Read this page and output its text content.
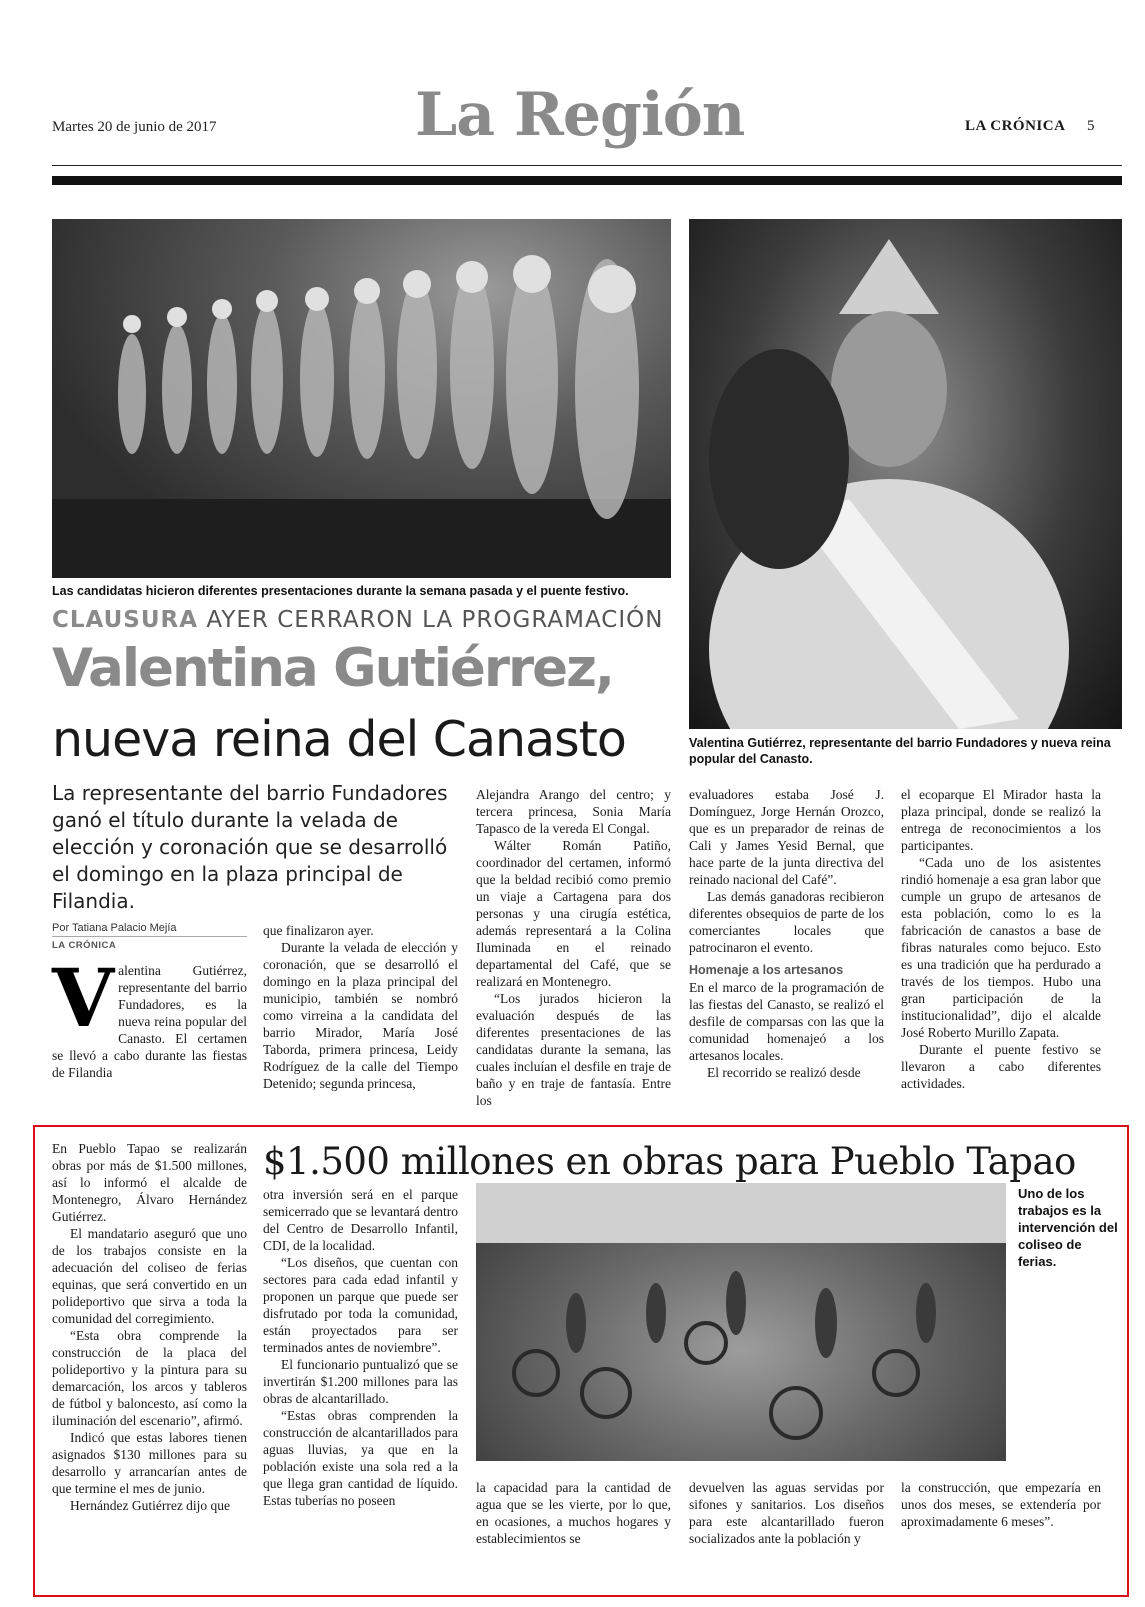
Martes 20 de junio de 2017	La Región	LA CRÓNICA 5
Las candidatas hicieron diferentes presentaciones durante la semana pasada y el puente festivo.
Valentina Gutiérrez, representante del barrio Fundadores y nueva reina popular del Canasto.
CLAUSURA AYER CERRARON LA PROGRAMACIÓN
Valentina Gutiérrez,
nueva reina del Canasto
La representante del barrio Fundadores ganó el título durante la velada de elección y coronación que se desarrolló el domingo en la plaza principal de Filandia.
Por Tatiana Palacio Mejía
LA CRÓNICA
V alentina Gutiérrez, representante del barrio Fundadores, es la nueva reina popular del Canasto. El certamen se llevó a cabo durante las fiestas de Filandia

que finalizaron ayer.

Durante la velada de elección y coronación, que se desarrolló el domingo en la plaza principal del municipio, también se nombró como virreina a la candidata del barrio Mirador, María José Taborda, primera princesa, Leidy Rodríguez de la calle del Tiempo Detenido; segunda princesa,

Alejandra Arango del centro; y tercera princesa, Sonia María Tapasco de la vereda El Congal.

Wálter Román Patiño, coordinador del certamen, informó que la beldad recibió como premio un viaje a Cartagena para dos personas y una cirugía estética, además representará a la Colina Iluminada en el reinado departamental del Café, que se realizará en Montenegro.

“Los jurados hicieron la evaluación después de las diferentes presentaciones de las candidatas durante la semana, las cuales incluían el desfile en traje de baño y en traje de fantasía. Entre los

evaluadores estaba José J. Domínguez, Jorge Hernán Orozco, que es un preparador de reinas de Cali y James Yesid Bernal, que hace parte de la junta directiva del reinado nacional del Café”.

Las demás ganadoras recibieron diferentes obsequios de parte de los comerciantes locales que patrocinaron el evento.

Homenaje a los artesanos

En el marco de la programación de las fiestas del Canasto, se realizó el desfile de comparsas con las que la comunidad homenajeó a los artesanos locales.

El recorrido se realizó desde

el ecoparque El Mirador hasta la plaza principal, donde se realizó la entrega de reconocimientos a los participantes.

“Cada uno de los asistentes rindió homenaje a esa gran labor que cumple un grupo de artesanos de esta población, como lo es la fabricación de canastos a base de fibras naturales como bejuco. Esto es una tradición que ha perdurado a través de los tiempos. Hubo una gran participación de la institucionalidad”, dijo el alcalde José Roberto Murillo Zapata.

Durante el puente festivo se llevaron a cabo diferentes actividades.

$1.500 millones en obras para Pueblo Tapao
Uno de los trabajos es la intervención del coliseo de ferias.

En Pueblo Tapao se realizarán obras por más de $1.500 millones, así lo informó el alcalde de Montenegro, Álvaro Hernández Gutiérrez.

El mandatario aseguró que uno de los trabajos consiste en la adecuación del coliseo de ferias equinas, que será convertido en un polideportivo que sirva a toda la comunidad del corregimiento.

“Esta obra comprende la construcción de la placa del polideportivo y la pintura para su demarcación, los arcos y tableros de fútbol y baloncesto, así como la iluminación del escenario”, afirmó.

Indicó que estas labores tienen asignados $130 millones para su desarrollo y arrancarían antes de que termine el mes de junio.

Hernández Gutiérrez dijo que

otra inversión será en el parque semicerrado que se levantará dentro del Centro de Desarrollo Infantil, CDI, de la localidad.

“Los diseños, que cuentan con sectores para cada edad infantil y proponen un parque que puede ser disfrutado por toda la comunidad, están proyectados para ser terminados antes de noviembre”.

El funcionario puntualizó que se invertirán $1.200 millones para las obras de alcantarillado.

“Estas obras comprenden la construcción de alcantarillados para aguas lluvias, ya que en la población existe una sola red a la que llega gran cantidad de líquido. Estas tuberías no poseen

la capacidad para la cantidad de agua que se les vierte, por lo que, en ocasiones, a muchos hogares y establecimientos se

devuelven las aguas servidas por sifones y sanitarios. Los diseños para este alcantarillado fueron socializados ante la población y

la construcción, que empezaría en unos dos meses, se extendería por aproximadamente 6 meses”.
